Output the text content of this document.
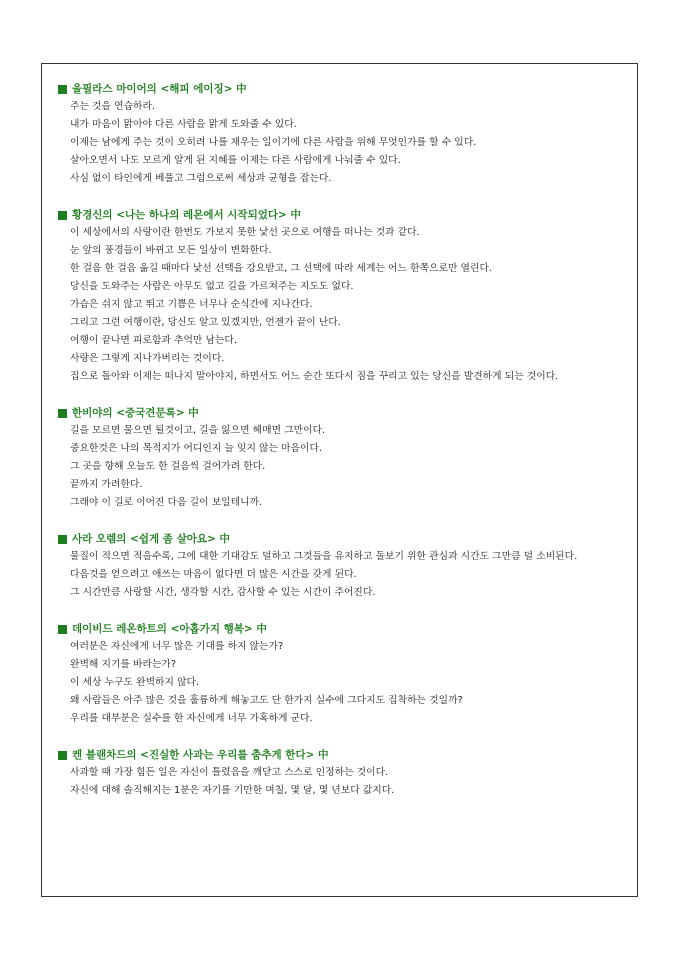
울필라스 마이어의 <해피 에이징> 中
주는 것을 연습하라.
내가 마음이 맑아야 다른 사람을 맑게 도와줄 수 있다.
이제는 남에게 주는 것이 오히려 나를 채우는 일이기에 다른 사람을 위해 무엇인가를 할 수 있다.
살아오면서 나도 모르게 알게 된 지혜를 이제는 다른 사람에게 나눠줄 수 있다.
사심 없이 타인에게 베풀고 그럼으로써 세상과 균형을 잡는다.
황경신의 <나는 하나의 레몬에서 시작되었다> 中
이 세상에서의 사랑이란 한번도 가보지 못한 낯선 곳으로 여행을 떠나는 것과 같다.
눈 앞의 풍경들이 바뀌고 모든 일상이 변화한다.
한 걸음 한 걸음 옮길 때마다 낯선 선택을 강요받고, 그 선택에 따라 세계는 어느 한쪽으로만 열린다.
당신을 도와주는 사람은 아무도 없고 길을 가르쳐주는 지도도 없다.
가슴은 쉬지 않고 뛰고 기쁨은 너무나 순식간에 지나간다.
그리고 그런 여행이란, 당신도 알고 있겠지만, 언젠가 끝이 난다.
여행이 끝나면 피로함과 추억만 남는다.
사랑은 그렇게 지나가버리는 것이다.
집으로 돌아와 이제는 떠나지 말아야지, 하면서도 어느 순간 또다시 짐을 꾸리고 있는 당신을 발견하게 되는 것이다.
한비야의 <중국견문록> 中
길을 모르면 물으면 될것이고, 길을 잃으면 헤매면 그만이다.
중요한것은 나의 목적지가 어디인지 늘 잊지 않는 마음이다.
그 곳을 향해 오늘도 한 걸음씩 걸어가려 한다.
끝까지 가려한다.
그래야 이 길로 이어진 다음 길이 보일테니까.
사라 오렘의 <쉽게 좀 살아요> 中
물질이 적으면 적을수록, 그에 대한 기대감도 덜하고 그것들을 유지하고 돌보기 위한 관심과 시간도 그만큼 덜 소비된다.
다음것을 얻으려고 애쓰는 마음이 없다면 더 많은 시간을 갖게 된다.
그 시간만큼 사랑할 시간, 생각할 시간, 감사할 수 있는 시간이 주어진다.
데이비드 레온하트의 <아홉가지 행복> 中
여러분은 자신에게 너무 많은 기대를 하지 않는가?
완벽해 지기를 바라는가?
이 세상 누구도 완벽하지 않다.
왜 사람들은 아주 많은 것을 훌륭하게 해놓고도 단 한가지 실수에 그다지도 집착하는 것일까?
우리를 대부분은 실수를 한 자신에게 너무 가혹하게 군다.
켄 블랜차드의 <진실한 사과는 우리를 춤추게 한다> 中
사과할 때 가장 힘든 일은 자신이 틀렸음을 깨닫고 스스로 인정하는 것이다.
자신에 대해 솔직해지는 1분은 자기를 기만한 며칠, 몇 달, 몇 년보다 값지다.
